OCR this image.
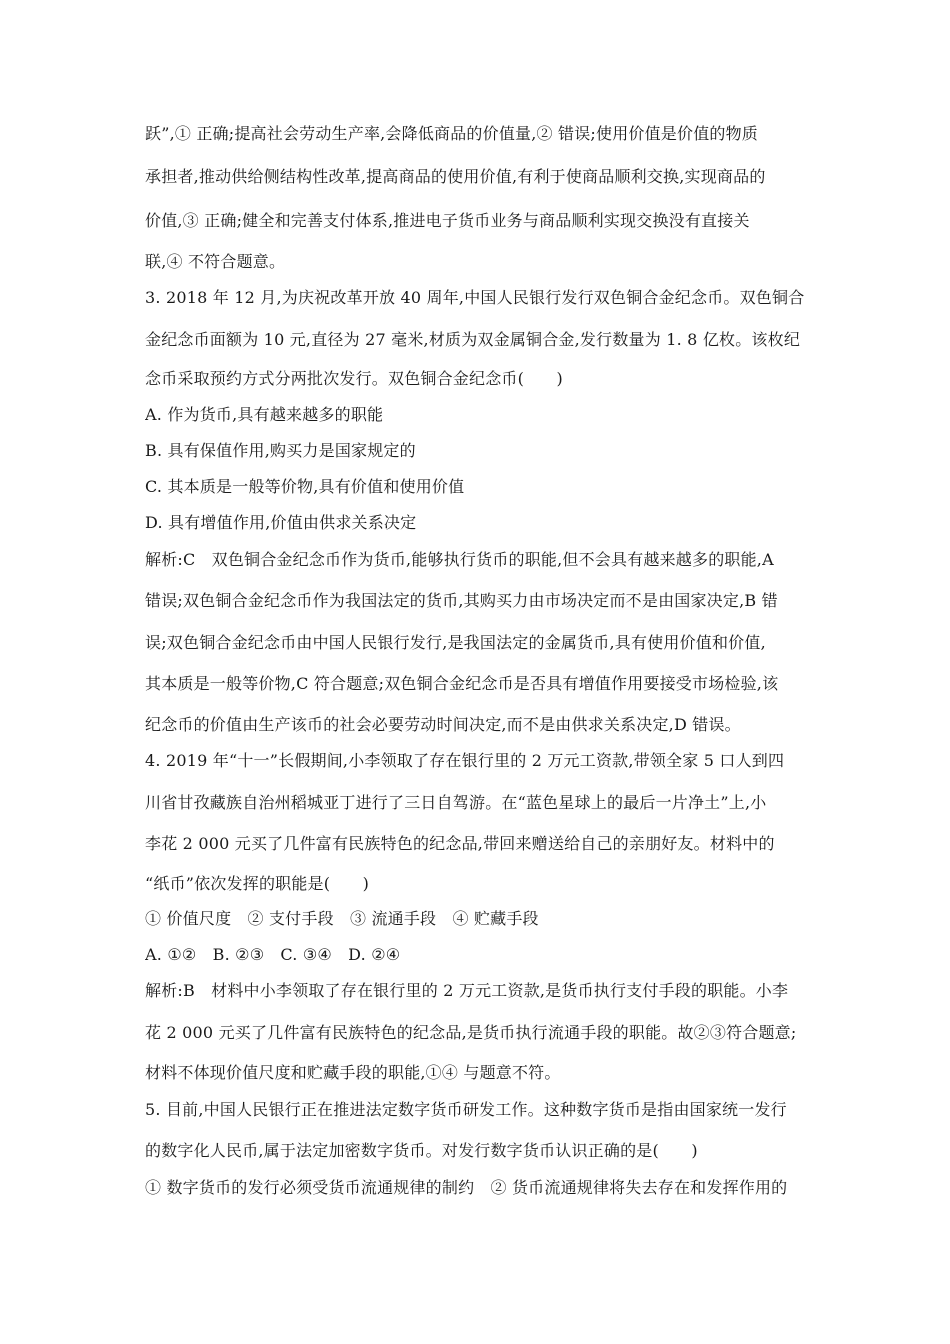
跃”,① 正确;提高社会劳动生产率,会降低商品的价值量,② 错误;使用价值是价值的物质
承担者,推动供给侧结构性改革,提高商品的使用价值,有利于使商品顺利交换,实现商品的
价值,③ 正确;健全和完善支付体系,推进电子货币业务与商品顺利实现交换没有直接关
联,④ 不符合题意。
3. 2018 年 12 月,为庆祝改革开放 40 周年,中国人民银行发行双色铜合金纪念币。双色铜合
金纪念币面额为 10 元,直径为 27 毫米,材质为双金属铜合金,发行数量为 1. 8 亿枚。该枚纪
念币采取预约方式分两批次发行。双色铜合金纪念币(　　)
A. 作为货币,具有越来越多的职能
B. 具有保值作用,购买力是国家规定的
C. 其本质是一般等价物,具有价值和使用价值
D. 具有增值作用,价值由供求关系决定
解析:C　双色铜合金纪念币作为货币,能够执行货币的职能,但不会具有越来越多的职能,A
错误;双色铜合金纪念币作为我国法定的货币,其购买力由市场决定而不是由国家决定,B 错
误;双色铜合金纪念币由中国人民银行发行,是我国法定的金属货币,具有使用价值和价值,
其本质是一般等价物,C 符合题意;双色铜合金纪念币是否具有增值作用要接受市场检验,该
纪念币的价值由生产该币的社会必要劳动时间决定,而不是由供求关系决定,D 错误。
4. 2019 年“十一”长假期间,小李领取了存在银行里的 2 万元工资款,带领全家 5 口人到四
川省甘孜藏族自治州稻城亚丁进行了三日自驾游。在“蓝色星球上的最后一片净土”上,小
李花 2 000 元买了几件富有民族特色的纪念品,带回来赠送给自己的亲朋好友。材料中的
“纸币”依次发挥的职能是(　　)
① 价值尺度　② 支付手段　③ 流通手段　④ 贮藏手段
A. ①②　B. ②③　C. ③④　D. ②④
解析:B　材料中小李领取了存在银行里的 2 万元工资款,是货币执行支付手段的职能。小李
花 2 000 元买了几件富有民族特色的纪念品,是货币执行流通手段的职能。故②③符合题意;
材料不体现价值尺度和贮藏手段的职能,①④ 与题意不符。
5. 目前,中国人民银行正在推进法定数字货币研发工作。这种数字货币是指由国家统一发行
的数字化人民币,属于法定加密数字货币。对发行数字货币认识正确的是(　　)
① 数字货币的发行必须受货币流通规律的制约　② 货币流通规律将失去存在和发挥作用的
